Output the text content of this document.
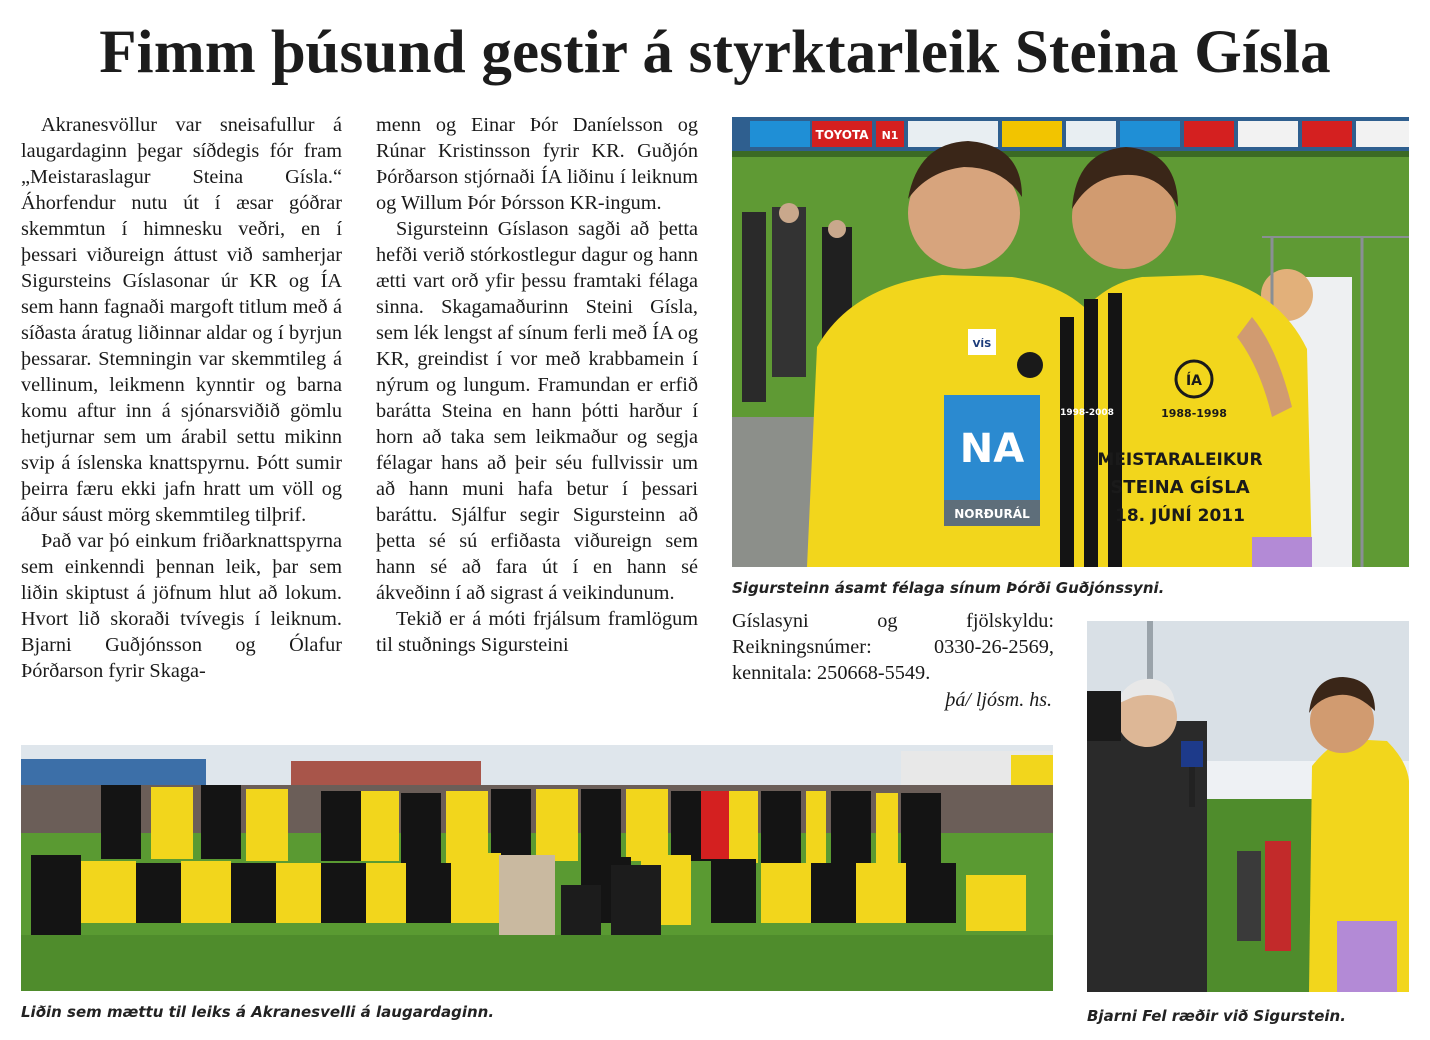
Fimm þúsund gestir á styrktarleik Steina Gísla

Akranesvöllur var sneisafullur á laugardaginn þegar síðdegis fór fram „Meistaraslagur Steina Gísla.“ Áhorfendur nutu út í æsar góðrar skemmtun í himnesku veðri, en í þessari viðureign áttust við samherjar Sigursteins Gíslasonar úr KR og ÍA sem hann fagnaði margoft titlum með á síðasta áratug liðinnar aldar og í byrjun þessarar. Stemningin var skemmtileg á vellinum, leikmenn kynntir og barna komu aftur inn á sjónarsviðið gömlu hetjurnar sem um árabil settu mikinn svip á íslenska knattspyrnu. Þótt sumir þeirra færu ekki jafn hratt um völl og áður sáust mörg skemmtileg tilþrif.

Það var þó einkum friðarknattspyrna sem einkenndi þennan leik, þar sem liðin skiptust á jöfnum hlut að lokum. Hvort lið skoraði tvívegis í leiknum. Bjarni Guðjónsson og Ólafur Þórðarson fyrir Skaga-

menn og Einar Þór Daníelsson og Rúnar Kristinsson fyrir KR. Guðjón Þórðarson stjórnaði ÍA liðinu í leiknum og Willum Þór Þórsson KR-ingum.

Sigursteinn Gíslason sagði að þetta hefði verið stórkostlegur dagur og hann ætti vart orð yfir þessu framtaki félaga sinna. Skagamaðurinn Steini Gísla, sem lék lengst af sínum ferli með ÍA og KR, greindist í vor með krabbamein í nýrum og lungum. Framundan er erfið barátta Steina en hann þótti harður í horn að taka sem leikmaður og segja félagar hans að þeir séu fullvissir um að hann muni hafa betur í þessari baráttu. Sjálfur segir Sigursteinn að þetta sé sú erfiðasta viðureign sem hann sé að fara út í en hann sé ákveðinn í að sigrast á veikindunum.

Tekið er á móti frjálsum framlögum til stuðnings Sigursteini

Gíslasyni og fjölskyldu: Reikningsnúmer: 0330-26-2569, kennitala: 250668-5549.

þá/ ljósm. hs.
TOYOTA N1
NA
NORÐURÁL
VÍS
MEISTARALEIKUR
STEINA GÍSLA
18. JÚNÍ 2011
ÍA
1988-1998
1998-2008
Sigursteinn ásamt félaga sínum Þórði Guðjónssyni.
Liðin sem mættu til leiks á Akranesvelli á laugardaginn.	Bjarni Fel ræðir við Sigurstein.
